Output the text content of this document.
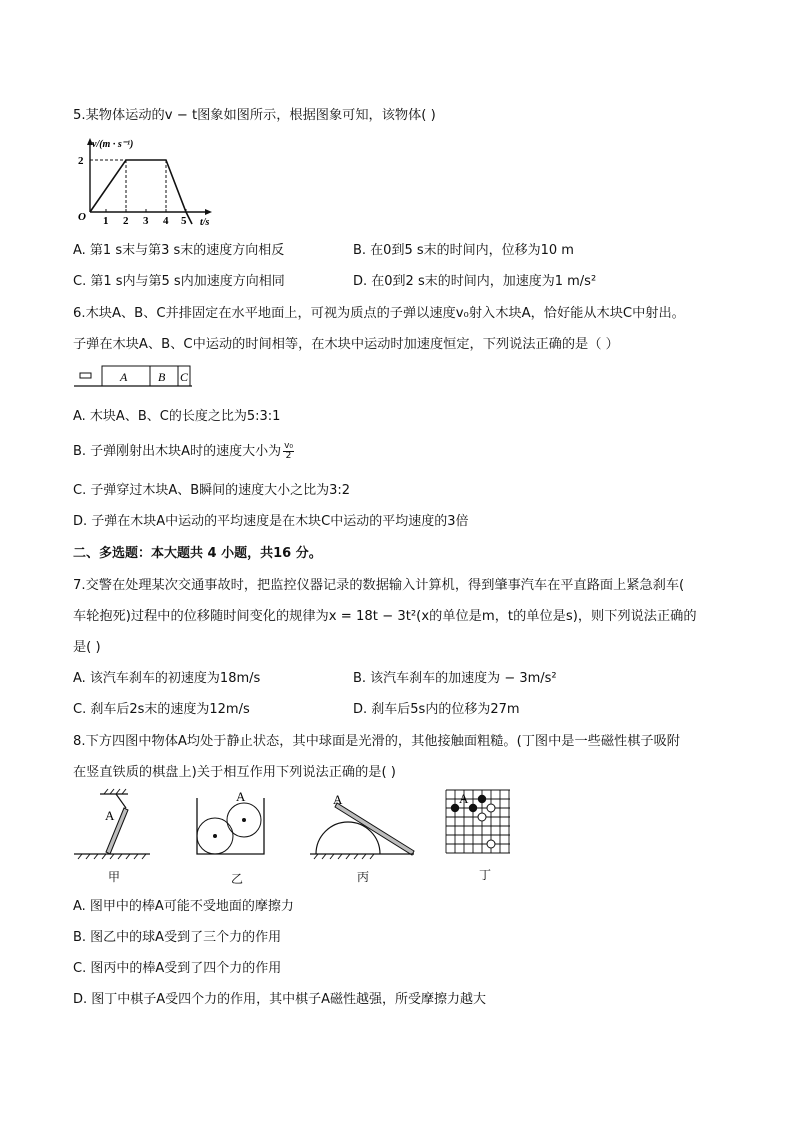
5.某物体运动的v − t图象如图所示，根据图象可知，该物体( )
v/(m · s⁻¹)
2
O 1 2 3 4 5 t/s
A. 第1 s末与第3 s末的速度方向相反	B. 在0到5 s末的时间内，位移为10 m
C. 第1 s内与第5 s内加速度方向相同	D. 在0到2 s末的时间内，加速度为1 m/s²
6.木块A、B、C并排固定在水平地面上，可视为质点的子弹以速度v₀射入木块A，恰好能从木块C中射出。
子弹在木块A、B、C中运动的时间相等，在木块中运动时加速度恒定，下列说法正确的是（ ）
A	B C
A. 木块A、B、C的长度之比为5:3:1
B. 子弹刚射出木块A时的速度大小为 $\frac{\text{v₀}}{2}$
C. 子弹穿过木块A、B瞬间的速度大小之比为3:2
D. 子弹在木块A中运动的平均速度是在木块C中运动的平均速度的3倍
二、多选题：本大题共 4 小题，共16 分。
7.交警在处理某次交通事故时，把监控仪器记录的数据输入计算机，得到肇事汽车在平直路面上紧急刹车(
车轮抱死)过程中的位移随时间变化的规律为x = 18t − 3t²(x的单位是m，t的单位是s)，则下列说法正确的
是( )
A. 该汽车刹车的初速度为18m/s	B. 该汽车刹车的加速度为 − 3m/s²
C. 刹车后2s末的速度为12m/s	D. 刹车后5s内的位移为27m
8.下方四图中物体A均处于静止状态，其中球面是光滑的，其他接触面粗糙。(丁图中是一些磁性棋子吸附
在竖直铁质的棋盘上)关于相互作用下列说法正确的是( )
A
A	A	A
甲	乙	丙	丁
A. 图甲中的棒A可能不受地面的摩擦力
B. 图乙中的球A受到了三个力的作用
C. 图丙中的棒A受到了四个力的作用
D. 图丁中棋子A受四个力的作用，其中棋子A磁性越强，所受摩擦力越大
